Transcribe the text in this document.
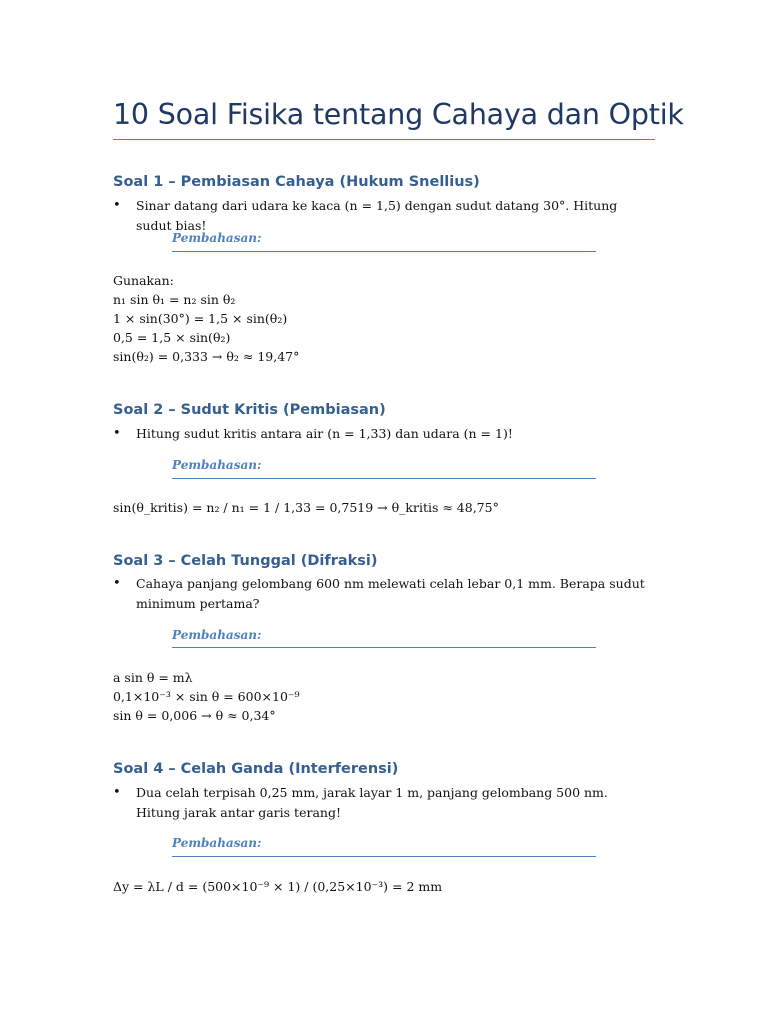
10 Soal Fisika tentang Cahaya dan Optik
Soal 1 – Pembiasan Cahaya (Hukum Snellius)
• Sinar datang dari udara ke kaca (n = 1,5) dengan sudut datang 30°. Hitung sudut bias!
Pembahasan:
Gunakan:
n₁ sin θ₁ = n₂ sin θ₂
1 × sin(30°) = 1,5 × sin(θ₂)
0,5 = 1,5 × sin(θ₂)
sin(θ₂) = 0,333 → θ₂ ≈ 19,47°
Soal 2 – Sudut Kritis (Pembiasan)
• Hitung sudut kritis antara air (n = 1,33) dan udara (n = 1)!
Pembahasan:
sin(θ_kritis) = n₂ / n₁ = 1 / 1,33 = 0,7519 → θ_kritis ≈ 48,75°
Soal 3 – Celah Tunggal (Difraksi)
• Cahaya panjang gelombang 600 nm melewati celah lebar 0,1 mm. Berapa sudut minimum pertama?
Pembahasan:
a sin θ = mλ
0,1×10⁻³ × sin θ = 600×10⁻⁹
sin θ = 0,006 → θ ≈ 0,34°
Soal 4 – Celah Ganda (Interferensi)
• Dua celah terpisah 0,25 mm, jarak layar 1 m, panjang gelombang 500 nm. Hitung jarak antar garis terang!
Pembahasan:
Δy = λL / d = (500×10⁻⁹ × 1) / (0,25×10⁻³) = 2 mm
